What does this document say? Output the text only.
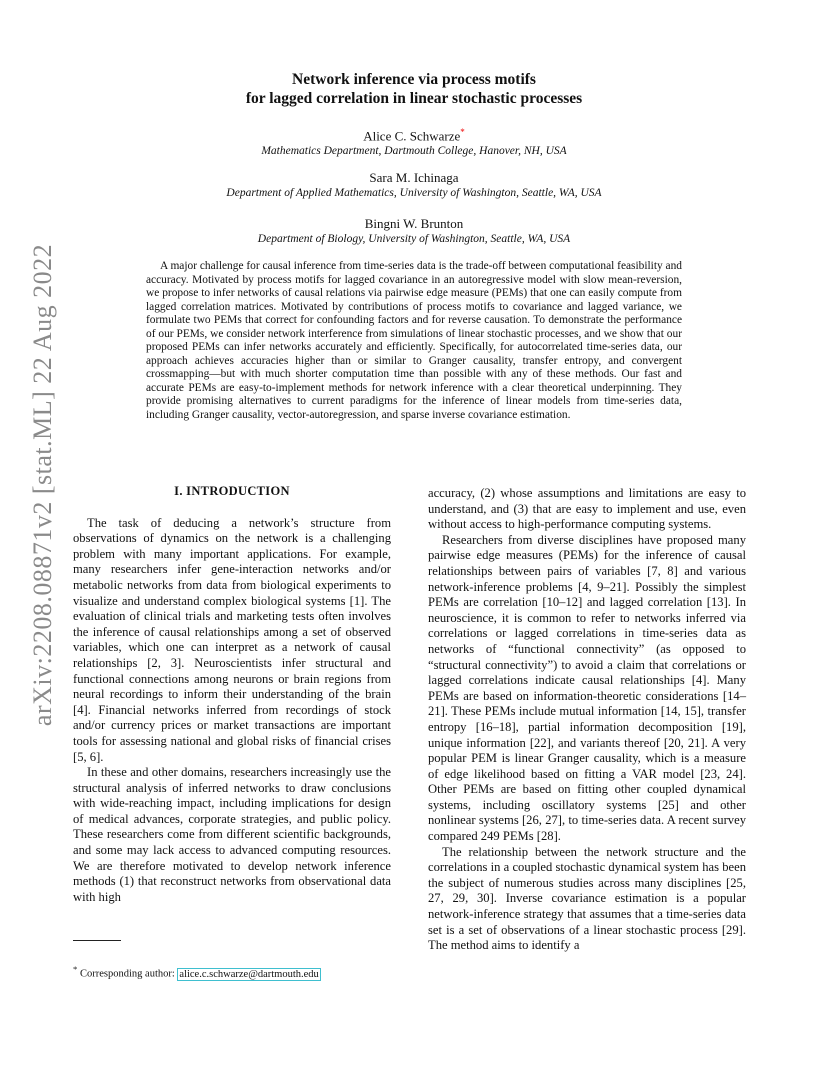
arXiv:2208.08871v2 [stat.ML] 22 Aug 2022
Network inference via process motifs
for lagged correlation in linear stochastic processes
Alice C. Schwarze*
Mathematics Department, Dartmouth College, Hanover, NH, USA
Sara M. Ichinaga
Department of Applied Mathematics, University of Washington, Seattle, WA, USA
Bingni W. Brunton
Department of Biology, University of Washington, Seattle, WA, USA
A major challenge for causal inference from time-series data is the trade-off between computational feasibility and accuracy. Motivated by process motifs for lagged covariance in an autoregressive model with slow mean-reversion, we propose to infer networks of causal relations via pairwise edge measure (PEMs) that one can easily compute from lagged correlation matrices. Motivated by contributions of process motifs to covariance and lagged variance, we formulate two PEMs that correct for confounding factors and for reverse causation. To demonstrate the performance of our PEMs, we consider network interference from simulations of linear stochastic processes, and we show that our proposed PEMs can infer networks accurately and efficiently. Specifically, for autocorrelated time-series data, our approach achieves accuracies higher than or similar to Granger causality, transfer entropy, and convergent crossmapping—but with much shorter computation time than possible with any of these methods. Our fast and accurate PEMs are easy-to-implement methods for network inference with a clear theoretical underpinning. They provide promising alternatives to current paradigms for the inference of linear models from time-series data, including Granger causality, vector-autoregression, and sparse inverse covariance estimation.
I. INTRODUCTION

The task of deducing a network’s structure from observations of dynamics on the network is a challenging problem with many important applications. For example, many researchers infer gene-interaction networks and/or metabolic networks from data from biological experiments to visualize and understand complex biological systems [1]. The evaluation of clinical trials and marketing tests often involves the inference of causal relationships among a set of observed variables, which one can interpret as a network of causal relationships [2, 3]. Neuroscientists infer structural and functional connections among neurons or brain regions from neural recordings to inform their understanding of the brain [4]. Financial networks inferred from recordings of stock and/or currency prices or market transactions are important tools for assessing national and global risks of financial crises [5, 6].

In these and other domains, researchers increasingly use the structural analysis of inferred networks to draw conclusions with wide-reaching impact, including implications for design of medical advances, corporate strategies, and public policy. These researchers come from different scientific backgrounds, and some may lack access to advanced computing resources. We are therefore motivated to develop network inference methods (1) that reconstruct networks from observational data with high

accuracy, (2) whose assumptions and limitations are easy to understand, and (3) that are easy to implement and use, even without access to high-performance computing systems.

Researchers from diverse disciplines have proposed many pairwise edge measures (PEMs) for the inference of causal relationships between pairs of variables [7, 8] and various network-inference problems [4, 9–21]. Possibly the simplest PEMs are correlation [10–12] and lagged correlation [13]. In neuroscience, it is common to refer to networks inferred via correlations or lagged correlations in time-series data as networks of “functional connectivity” (as opposed to “structural connectivity”) to avoid a claim that correlations or lagged correlations indicate causal relationships [4]. Many PEMs are based on information-theoretic considerations [14–21]. These PEMs include mutual information [14, 15], transfer entropy [16–18], partial information decomposition [19], unique information [22], and variants thereof [20, 21]. A very popular PEM is linear Granger causality, which is a measure of edge likelihood based on fitting a VAR model [23, 24]. Other PEMs are based on fitting other coupled dynamical systems, including oscillatory systems [25] and other nonlinear systems [26, 27], to time-series data. A recent survey compared 249 PEMs [28].

The relationship between the network structure and the correlations in a coupled stochastic dynamical system has been the subject of numerous studies across many disciplines [25, 27, 29, 30]. Inverse covariance estimation is a popular network-inference strategy that assumes that a time-series data set is a set of observations of a linear stochastic process [29]. The method aims to identify a

* Corresponding author: alice.c.schwarze@dartmouth.edu
